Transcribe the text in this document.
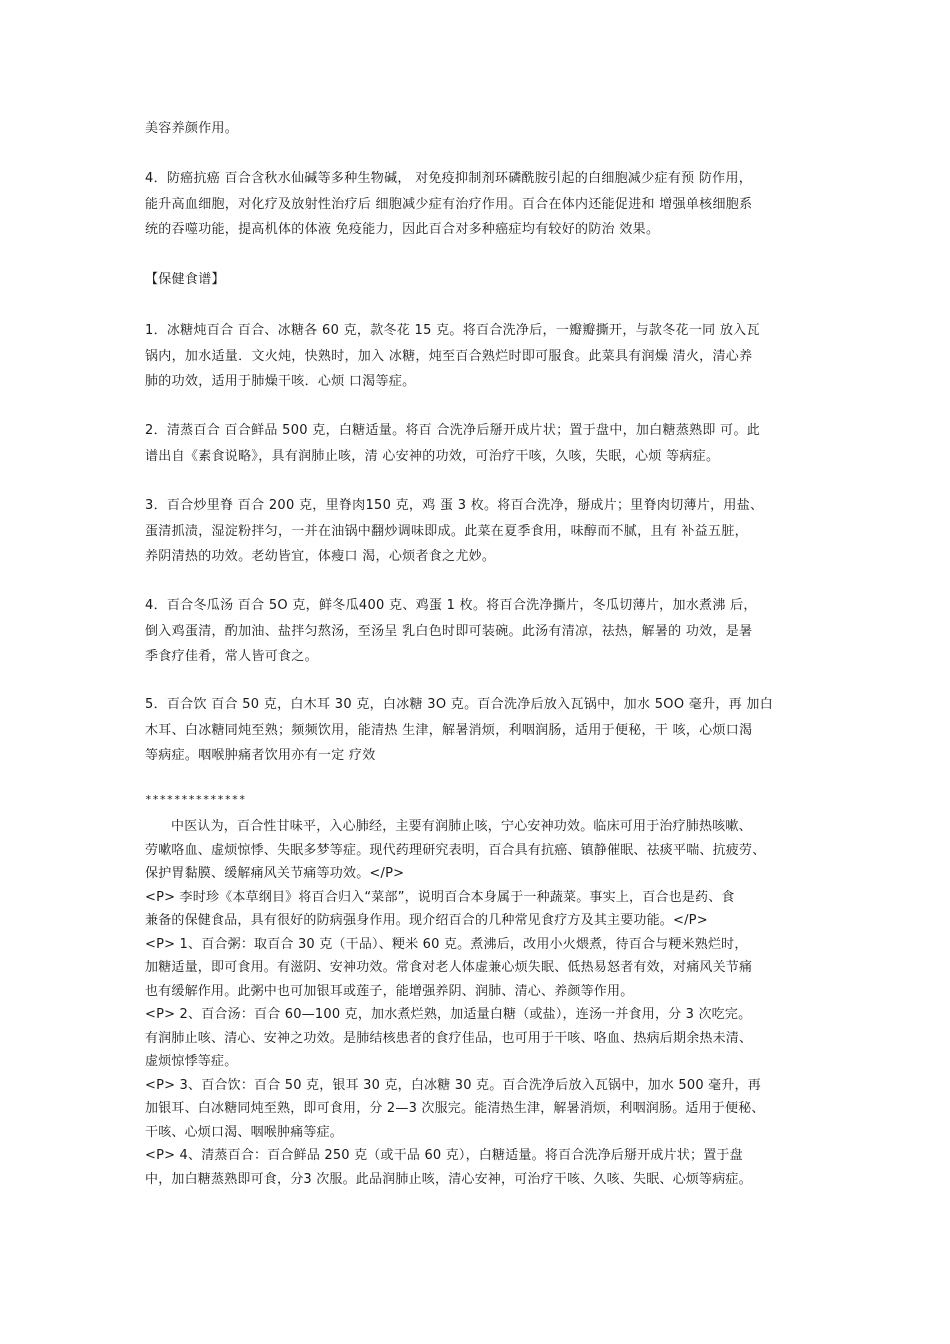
美容养颜作用。

4．防癌抗癌 百合含秋水仙碱等多种生物碱， 对免疫抑制剂环磷酰胺引起的白细胞减少症有预 防作用，

能升高血细胞，对化疗及放射性治疗后 细胞减少症有治疗作用。百合在体内还能促进和 增强单核细胞系

统的吞噬功能，提高机体的体液 免疫能力，因此百合对多种癌症均有较好的防治 效果。

【保健食谱】

1．冰糖炖百合 百合、冰糖各 60 克，款冬花 15 克。将百合洗净后，一瓣瓣撕开，与款冬花一同 放入瓦

锅内，加水适量．文火炖，快熟时，加入 冰糖，炖至百合熟烂时即可服食。此菜具有润燥 清火，清心养

肺的功效，适用于肺燥干咳．心烦 口渴等症。

2．清蒸百合 百合鲜品 500 克，白糖适量。将百 合洗净后掰开成片状；置于盘中，加白糖蒸熟即 可。此

谱出自《素食说略》，具有润肺止咳，清 心安神的功效，可治疗干咳，久咳，失眠，心烦 等病症。

3．百合炒里脊 百合 200 克，里脊肉150 克，鸡 蛋 3 枚。将百合洗净，掰成片；里脊肉切薄片，用盐、

蛋清抓渍，湿淀粉拌匀，一并在油锅中翻炒调味即成。此菜在夏季食用，味醇而不腻，且有 补益五脏，

养阴清热的功效。老幼皆宜，体瘦口 渴，心烦者食之尤妙。

4．百合冬瓜汤 百合 5O 克，鲜冬瓜400 克、鸡蛋 1 枚。将百合洗净撕片，冬瓜切薄片，加水煮沸 后，

倒入鸡蛋清，酌加油、盐拌匀熬汤，至汤呈 乳白色时即可装碗。此汤有清凉，祛热，解暑的 功效，是暑

季食疗佳肴，常人皆可食之。

5．百合饮 百合 50 克，白木耳 30 克，白冰糖 3O 克。百合洗净后放入瓦锅中，加水 5OO 毫升，再 加白

木耳、白冰糖同炖至熟；频频饮用，能清热 生津，解暑消烦，利咽润肠，适用于便秘，干 咳，心烦口渴

等病症。咽喉肿痛者饮用亦有一定 疗效

**************

中医认为，百合性甘味平，入心肺经，主要有润肺止咳，宁心安神功效。临床可用于治疗肺热咳嗽、

劳嗽咯血、虚烦惊悸、失眠多梦等症。现代药理研究表明，百合具有抗癌、镇静催眠、祛痰平喘、抗疲劳、

保护胃黏膜、缓解痛风关节痛等功效。</P>

<P> 李时珍《本草纲目》将百合归入“菜部”，说明百合本身属于一种蔬菜。事实上，百合也是药、食

兼备的保健食品，具有很好的防病强身作用。现介绍百合的几种常见食疗方及其主要功能。</P>

<P> 1、百合粥：取百合 30 克（干品）、粳米 60 克。煮沸后，改用小火煨煮，待百合与粳米熟烂时，

加糖适量，即可食用。有滋阴、安神功效。常食对老人体虚兼心烦失眠、低热易怒者有效，对痛风关节痛

也有缓解作用。此粥中也可加银耳或莲子，能增强养阴、润肺、清心、养颜等作用。

<P> 2、百合汤：百合 60—100 克，加水煮烂熟，加适量白糖（或盐），连汤一并食用，分 3 次吃完。

有润肺止咳、清心、安神之功效。是肺结核患者的食疗佳品，也可用于干咳、咯血、热病后期余热未清、

虚烦惊悸等症。

<P> 3、百合饮：百合 50 克，银耳 30 克，白冰糖 30 克。百合洗净后放入瓦锅中，加水 500 毫升，再

加银耳、白冰糖同炖至熟，即可食用，分 2—3 次服完。能清热生津，解暑消烦，利咽润肠。适用于便秘、

干咳、心烦口渴、咽喉肿痛等症。

<P> 4、清蒸百合：百合鲜品 250 克（或干品 60 克），白糖适量。将百合洗净后掰开成片状；置于盘

中，加白糖蒸熟即可食，分3 次服。此品润肺止咳，清心安神，可治疗干咳、久咳、失眠、心烦等病症。
